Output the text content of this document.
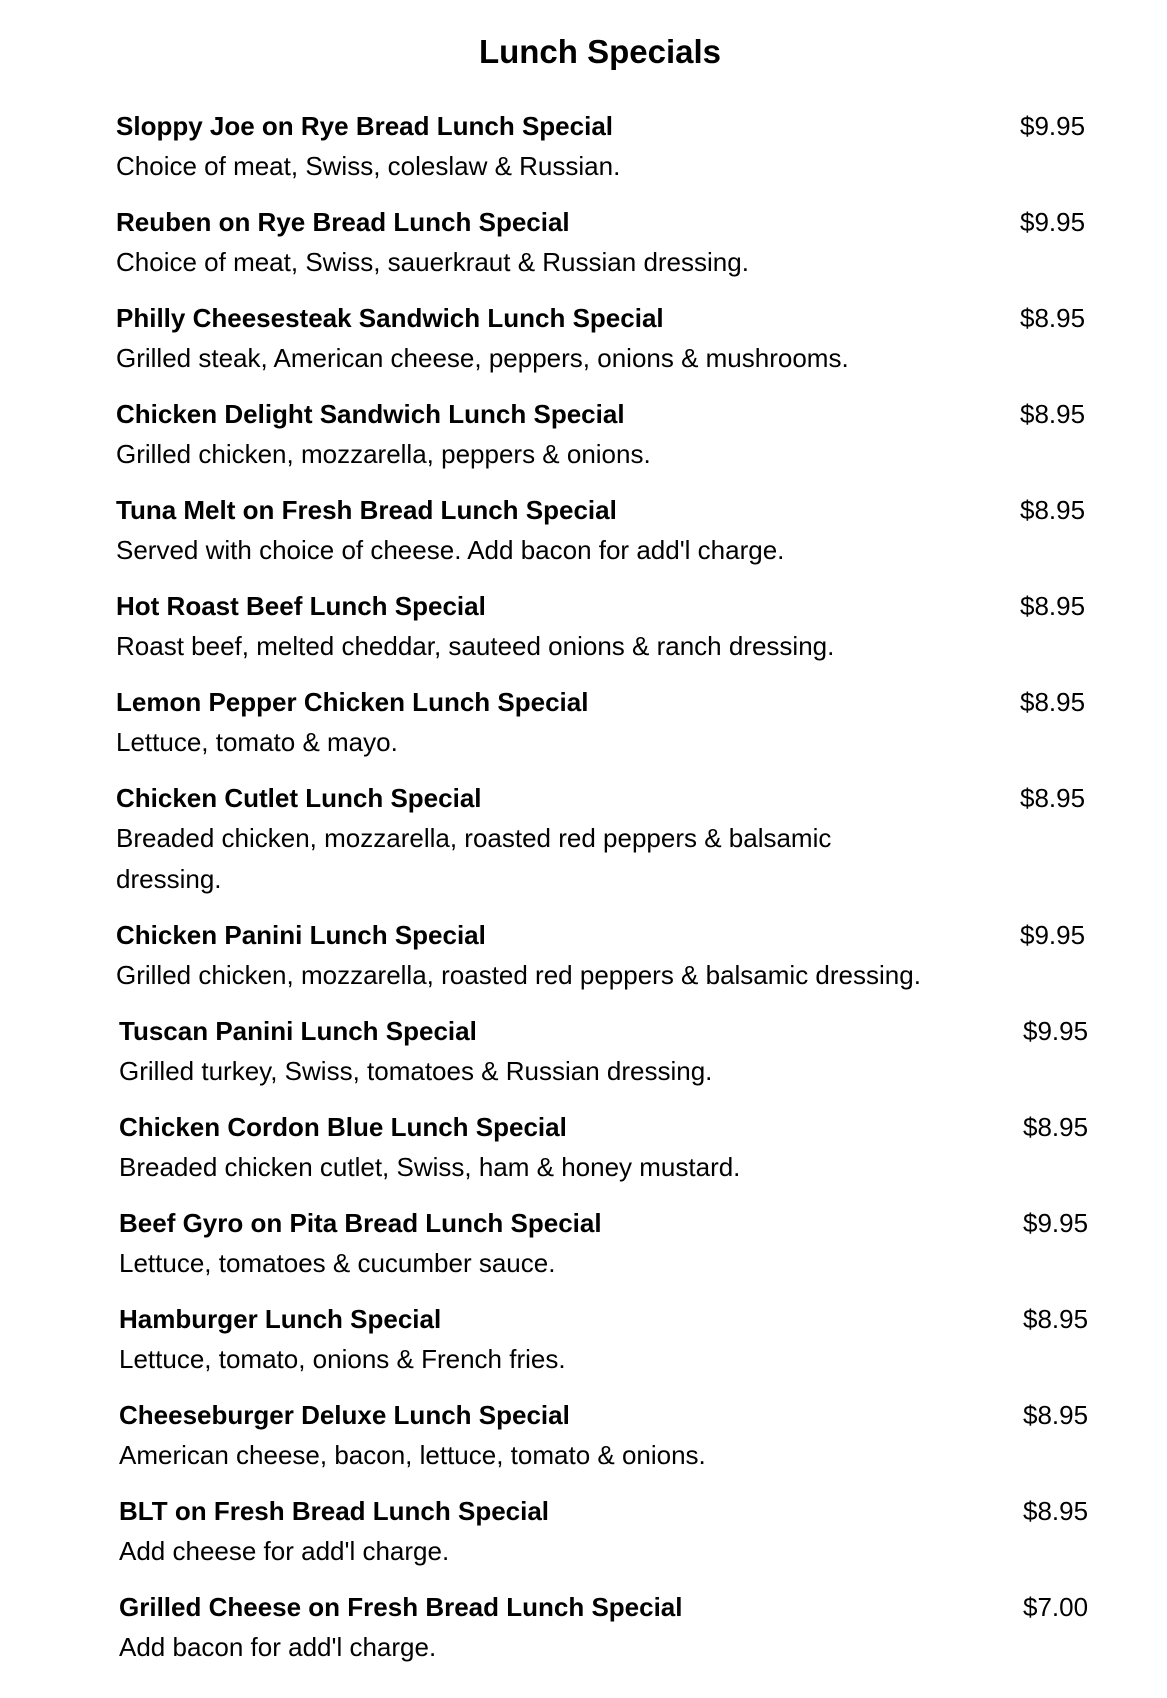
Lunch Specials
Sloppy Joe on Rye Bread Lunch Special	$9.95
Choice of meat, Swiss, coleslaw & Russian.
Reuben on Rye Bread Lunch Special	$9.95
Choice of meat, Swiss, sauerkraut & Russian dressing.
Philly Cheesesteak Sandwich Lunch Special	$8.95
Grilled steak, American cheese, peppers, onions & mushrooms.
Chicken Delight Sandwich Lunch Special	$8.95
Grilled chicken, mozzarella, peppers & onions.
Tuna Melt on Fresh Bread Lunch Special	$8.95
Served with choice of cheese. Add bacon for add'l charge.
Hot Roast Beef Lunch Special	$8.95
Roast beef, melted cheddar, sauteed onions & ranch dressing.
Lemon Pepper Chicken Lunch Special	$8.95
Lettuce, tomato & mayo.
Chicken Cutlet Lunch Special	$8.95
Breaded chicken, mozzarella, roasted red peppers & balsamic dressing.
Chicken Panini Lunch Special	$9.95
Grilled chicken, mozzarella, roasted red peppers & balsamic dressing.
Tuscan Panini Lunch Special	$9.95
Grilled turkey, Swiss, tomatoes & Russian dressing.
Chicken Cordon Blue Lunch Special	$8.95
Breaded chicken cutlet, Swiss, ham & honey mustard.
Beef Gyro on Pita Bread Lunch Special	$9.95
Lettuce, tomatoes & cucumber sauce.
Hamburger Lunch Special	$8.95
Lettuce, tomato, onions & French fries.
Cheeseburger Deluxe Lunch Special	$8.95
American cheese, bacon, lettuce, tomato & onions.
BLT on Fresh Bread Lunch Special	$8.95
Add cheese for add'l charge.
Grilled Cheese on Fresh Bread Lunch Special	$7.00
Add bacon for add'l charge.
